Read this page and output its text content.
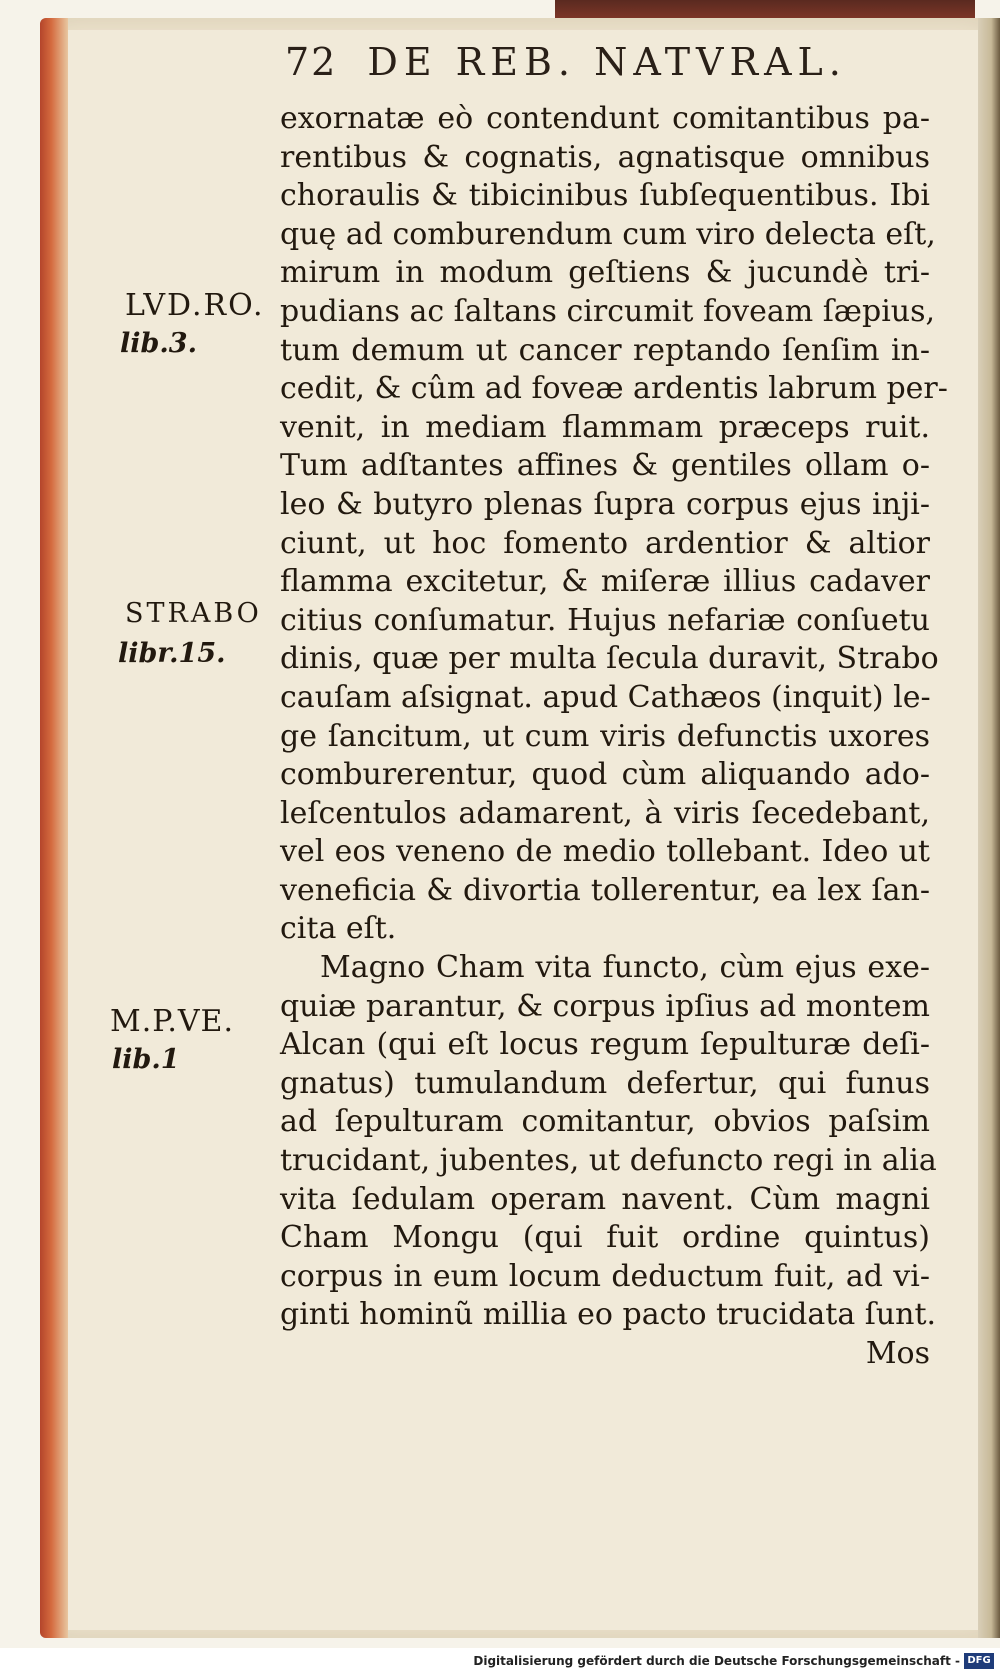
72 DE REB. NATVRAL.
LVD.RO.
lib.3.
STRABO
libr.15.
M.P.VE.
lib.1
exornatæ eò contendunt comitantibus pa-
rentibus & cognatis, agnatisque omnibus
choraulis & tibicinibus ſubſequentibus. Ibi
quę ad comburendum cum viro delecta eſt,
mirum in modum geſtiens & jucundè tri-
pudians ac ſaltans circumit foveam ſæpius,
tum demum ut cancer reptando ſenſim in-
cedit, & cûm ad foveæ ardentis labrum per-
venit, in mediam flammam præceps ruit.
Tum adſtantes affines & gentiles ollam o-
leo & butyro plenas ſupra corpus ejus inji-
ciunt, ut hoc fomento ardentior & altior
flamma excitetur, & miſeræ illius cadaver
citius conſumatur. Hujus nefariæ conſuetu
dinis, quæ per multa ſecula duravit, Strabo
cauſam aſsignat. apud Cathæos (inquit) le-
ge ſancitum, ut cum viris defunctis uxores
comburerentur, quod cùm aliquando ado-
leſcentulos adamarent, à viris ſecedebant,
vel eos veneno de medio tollebant. Ideo ut
veneficia & divortia tollerentur, ea lex ſan-
cita eſt.
Magno Cham vita functo, cùm ejus exe-
quiæ parantur, & corpus ipſius ad montem
Alcan (qui eſt locus regum ſepulturæ deſi-
gnatus) tumulandum defertur, qui funus
ad ſepulturam comitantur, obvios paſsim
trucidant, jubentes, ut defuncto regi in alia
vita ſedulam operam navent. Cùm magni
Cham Mongu (qui fuit ordine quintus)
corpus in eum locum deductum fuit, ad vi-
ginti hominũ millia eo pacto trucidata ſunt.
Mos
Digitalisierung gefördert durch die Deutsche Forschungsgemeinschaft - DFG
